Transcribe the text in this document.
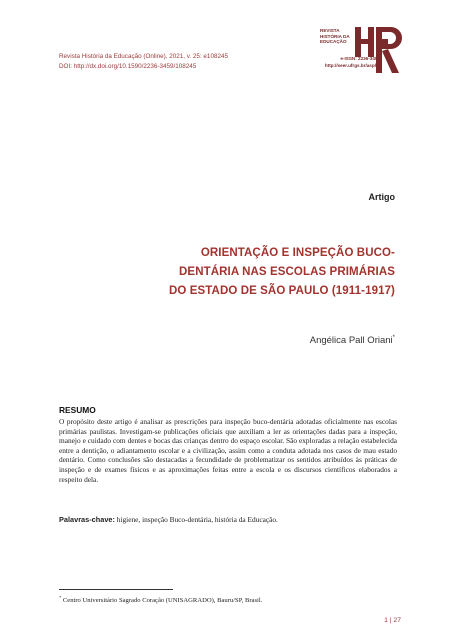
Revista História da Educação (Online), 2021, v. 25: e108245
DOI: http://dx.doi.org/10.1590/2236-3459/108245
REVISTA
HISTÓRIA DA
EDUCAÇÃO
e-ISSN: 2236-3459
http://seer.ufrgs.br/asphe
Artigo
ORIENTAÇÃO E INSPEÇÃO BUCO-
DENTÁRIA NAS ESCOLAS PRIMÁRIAS
DO ESTADO DE SÃO PAULO (1911-1917)
Angélica Pall Oriani*
RESUMO
O propósito deste artigo é analisar as prescrições para inspeção buco-dentária adotadas oficialmente nas escolas primárias paulistas. Investigam-se publicações oficiais que auxiliam a ler as orientações dadas para a inspeção, manejo e cuidado com dentes e bocas das crianças dentro do espaço escolar. São exploradas a relação estabelecida entre a dentição, o adiantamento escolar e a civilização, assim como a conduta adotada nos casos de mau estado dentário. Como conclusões são destacadas a fecundidade de problematizar os sentidos atribuídos às práticas de inspeção e de exames físicos e as aproximações feitas entre a escola e os discursos científicos elaborados a respeito dela.
Palavras-chave: higiene, inspeção Buco-dentária, história da Educação.
* Centro Universitário Sagrado Coração (UNISAGRADO), Bauru/SP, Brasil.
1 | 27
